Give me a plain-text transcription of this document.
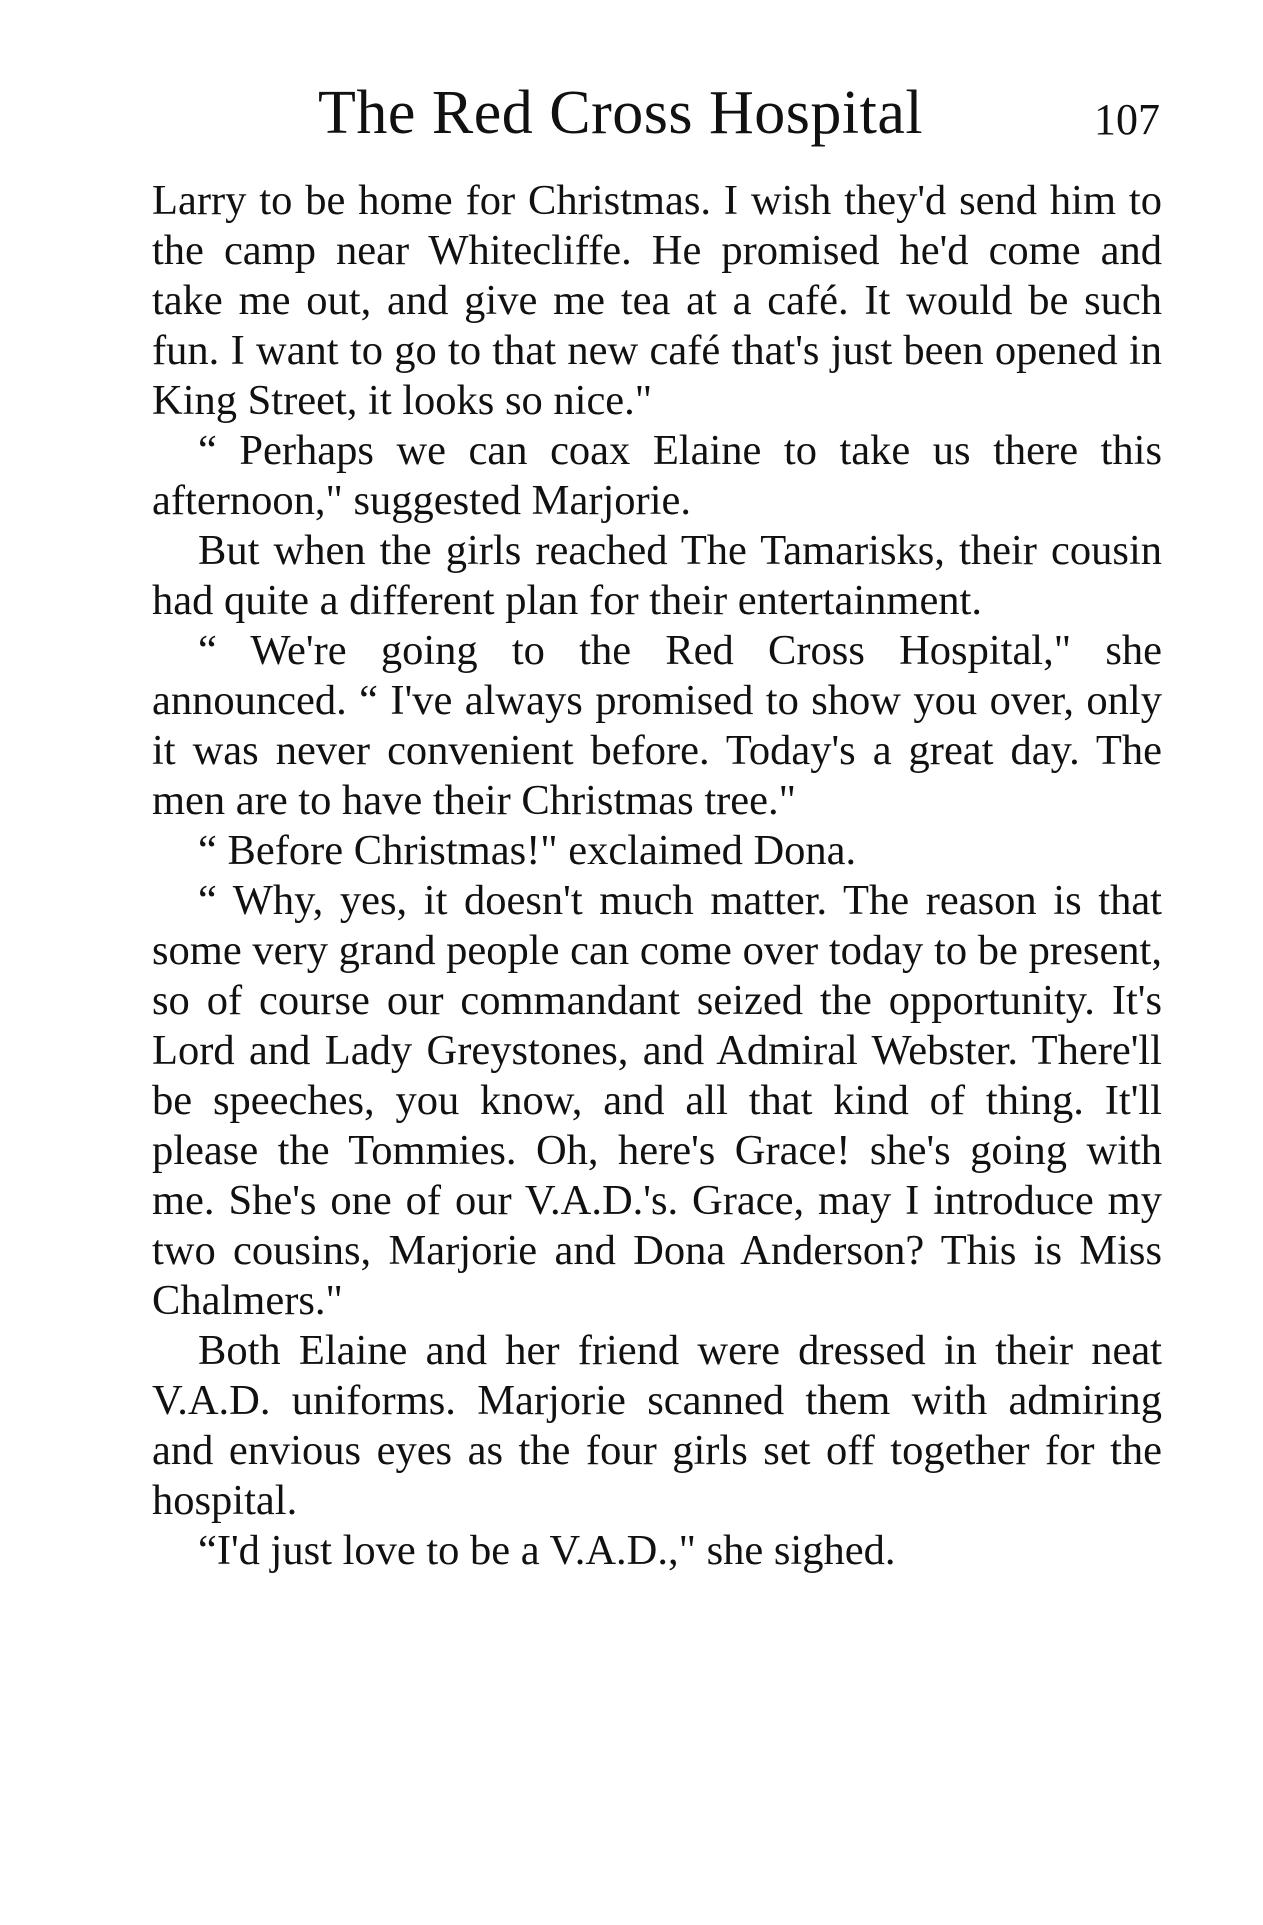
The Red Cross Hospital	107

Larry to be home for Christmas. I wish they'd send him to the camp near Whitecliffe. He promised he'd come and take me out, and give me tea at a café. It would be such fun. I want to go to that new café that's just been opened in King Street, it looks so nice."

“ Perhaps we can coax Elaine to take us there this afternoon," suggested Marjorie.

But when the girls reached The Tamarisks, their cousin had quite a different plan for their entertainment.

“ We're going to the Red Cross Hospital," she announced. “ I've always promised to show you over, only it was never convenient before. Today's a great day. The men are to have their Christmas tree."

“ Before Christmas!" exclaimed Dona.

“ Why, yes, it doesn't much matter. The reason is that some very grand people can come over today to be present, so of course our commandant seized the opportunity. It's Lord and Lady Greystones, and Admiral Webster. There'll be speeches, you know, and all that kind of thing. It'll please the Tommies. Oh, here's Grace! she's going with me. She's one of our V.A.D.'s. Grace, may I introduce my two cousins, Marjorie and Dona Anderson? This is Miss Chalmers."

Both Elaine and her friend were dressed in their neat V.A.D. uniforms. Marjorie scanned them with admiring and envious eyes as the four girls set off together for the hospital.

“I'd just love to be a V.A.D.," she sighed.
